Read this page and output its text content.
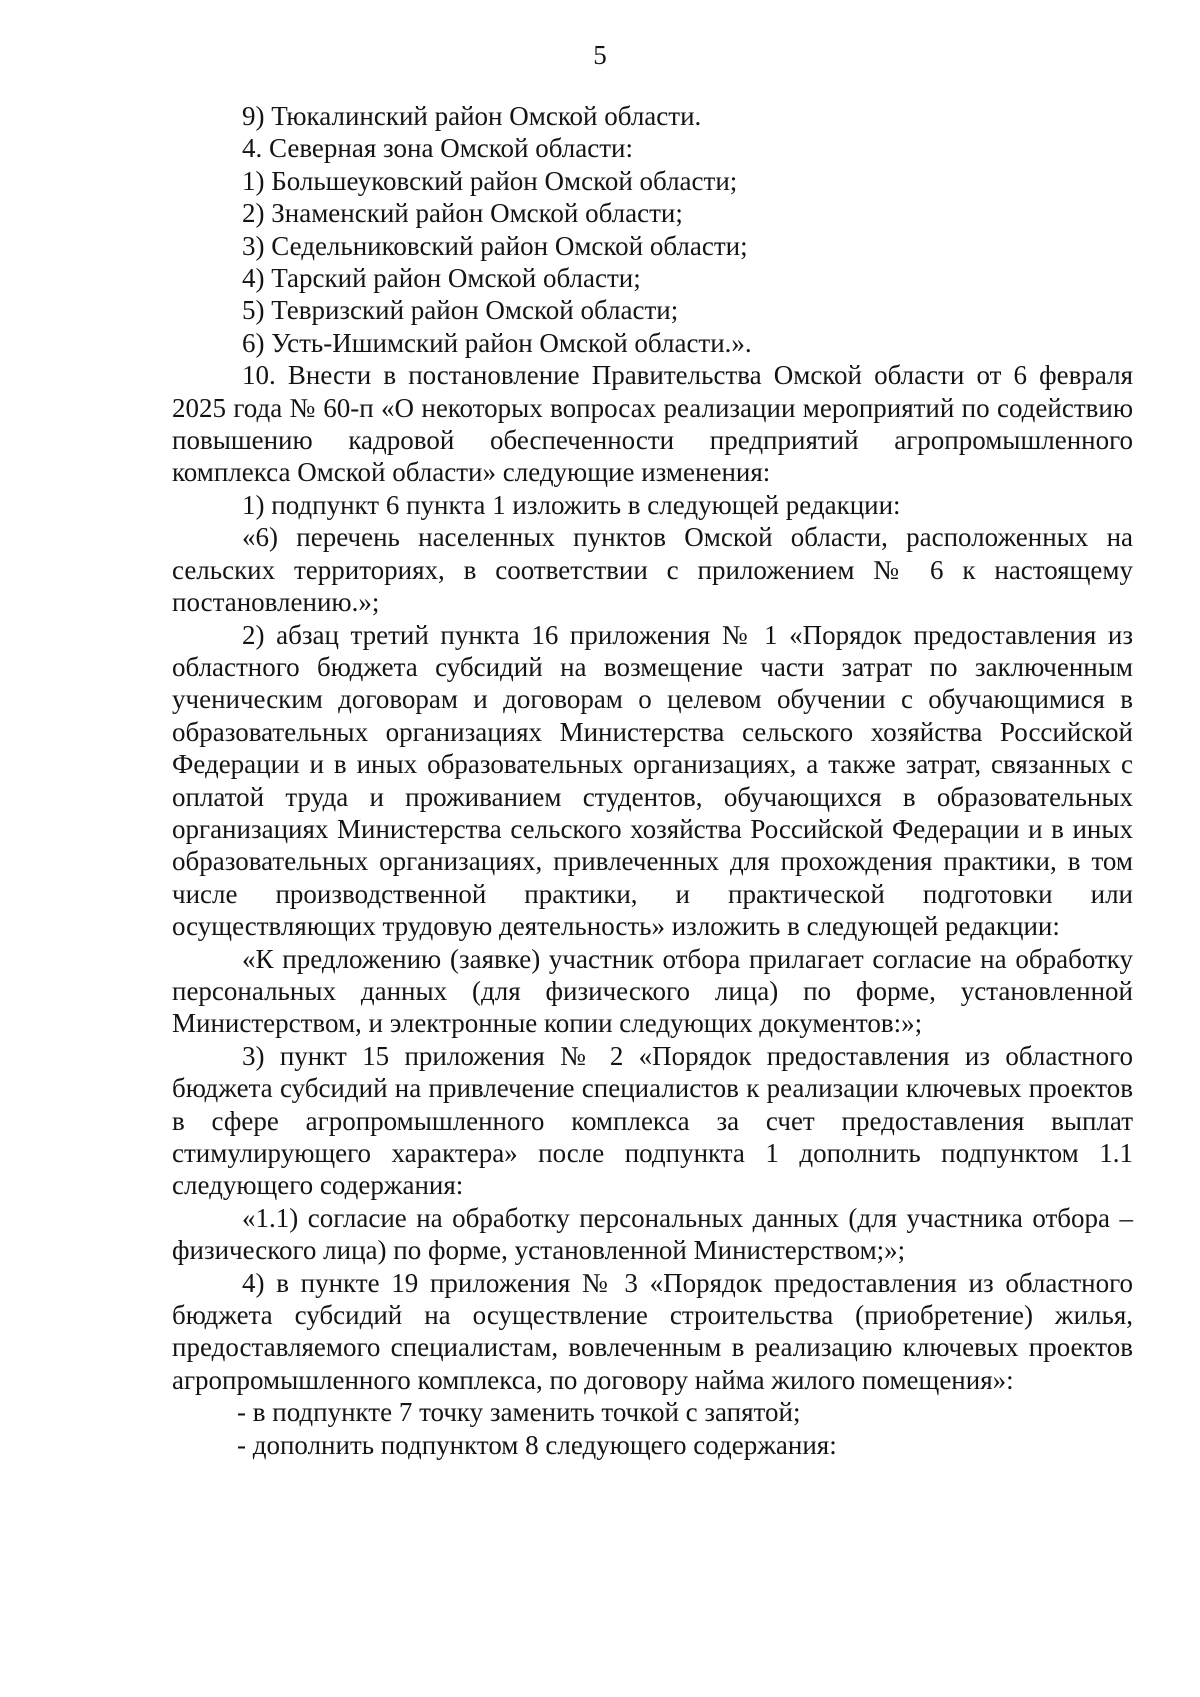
5

9) Тюкалинский район Омской области.

4. Северная зона Омской области:

1) Большеуковский район Омской области;

2) Знаменский район Омской области;

3) Седельниковский район Омской области;

4) Тарский район Омской области;

5) Тевризский район Омской области;

6) Усть-Ишимский район Омской области.».

10. Внести в постановление Правительства Омской области от 6 февраля 2025 года № 60-п «О некоторых вопросах реализации мероприятий по содействию повышению кадровой обеспеченности предприятий агропромышленного комплекса Омской области» следующие изменения:

1) подпункт 6 пункта 1 изложить в следующей редакции:

«6) перечень населенных пунктов Омской области, расположенных на сельских территориях, в соответствии с приложением № 6 к настоящему постановлению.»;

2) абзац третий пункта 16 приложения № 1 «Порядок предоставления из областного бюджета субсидий на возмещение части затрат по заключенным ученическим договорам и договорам о целевом обучении с обучающимися в образовательных организациях Министерства сельского хозяйства Российской Федерации и в иных образовательных организациях, а также затрат, связанных с оплатой труда и проживанием студентов, обучающихся в образовательных организациях Министерства сельского хозяйства Российской Федерации и в иных образовательных организациях, привлеченных для прохождения практики, в том числе производственной практики, и практической подготовки или осуществляющих трудовую деятельность» изложить в следующей редакции:

«К предложению (заявке) участник отбора прилагает согласие на обработку персональных данных (для физического лица) по форме, установленной Министерством, и электронные копии следующих документов:»;

3) пункт 15 приложения № 2 «Порядок предоставления из областного бюджета субсидий на привлечение специалистов к реализации ключевых проектов в сфере агропромышленного комплекса за счет предоставления выплат стимулирующего характера» после подпункта 1 дополнить подпунктом 1.1 следующего содержания:

«1.1) согласие на обработку персональных данных (для участника отбора – физического лица) по форме, установленной Министерством;»;

4) в пункте 19 приложения № 3 «Порядок предоставления из областного бюджета субсидий на осуществление строительства (приобретение) жилья, предоставляемого специалистам, вовлеченным в реализацию ключевых проектов агропромышленного комплекса, по договору найма жилого помещения»:

- в подпункте 7 точку заменить точкой с запятой;

- дополнить подпунктом 8 следующего содержания:
